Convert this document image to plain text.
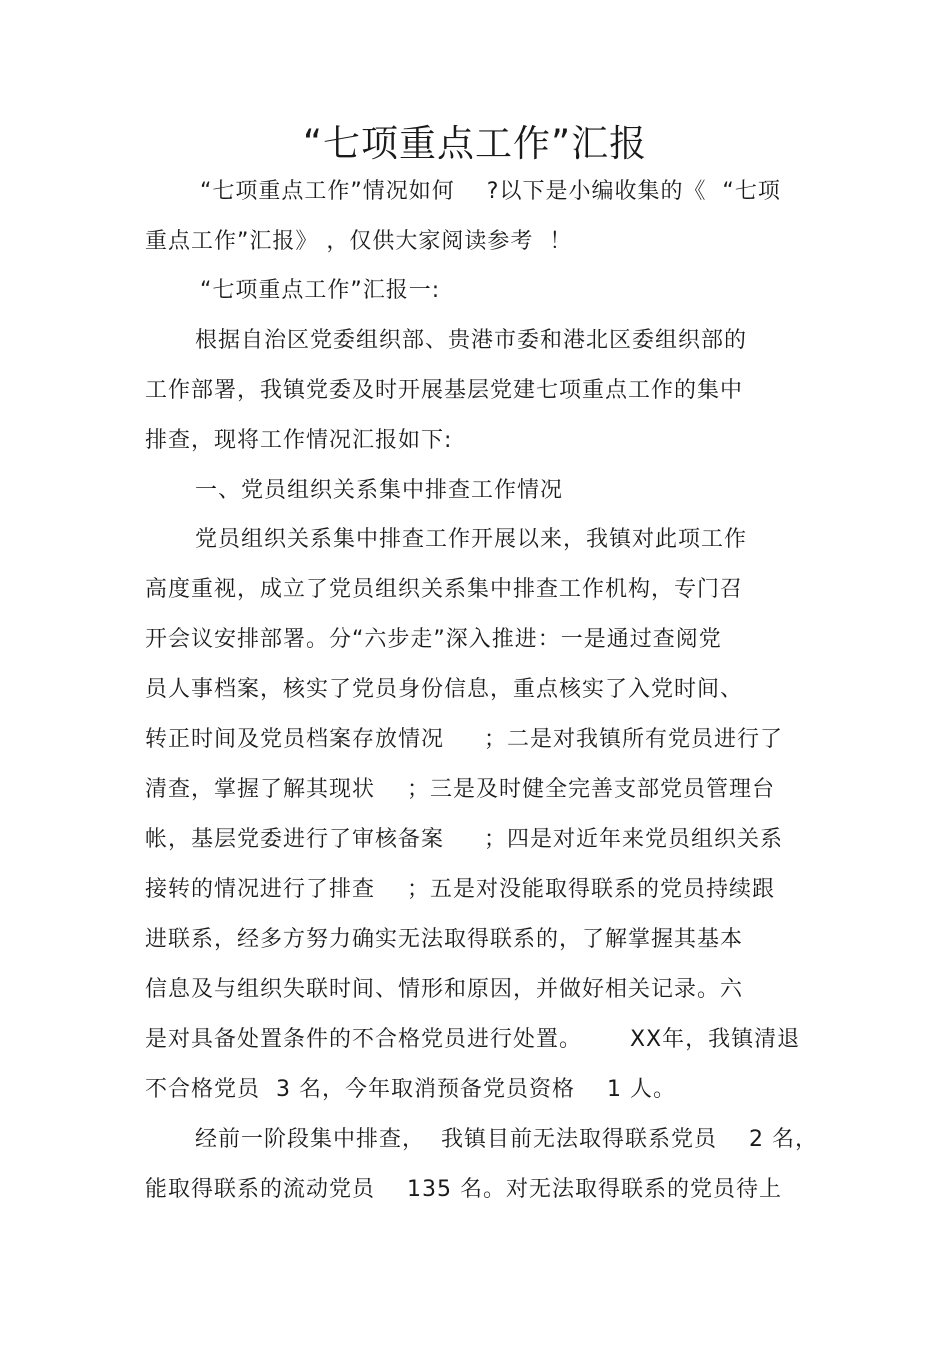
“七项重点工作”汇报
“七项重点工作”情况如何    ?以下是小编收集的《  “七项
重点工作”汇报》 ，仅供大家阅读参考  ！
“七项重点工作”汇报一:
根据自治区党委组织部、贵港市委和港北区委组织部的
工作部署，我镇党委及时开展基层党建七项重点工作的集中
排查，现将工作情况汇报如下:
一、党员组织关系集中排查工作情况
党员组织关系集中排查工作开展以来，我镇对此项工作
高度重视，成立了党员组织关系集中排查工作机构，专门召
开会议安排部署。分“六步走”深入推进：一是通过查阅党
员人事档案，核实了党员身份信息，重点核实了入党时间、
转正时间及党员档案存放情况     ；二是对我镇所有党员进行了
清查，掌握了解其现状    ；三是及时健全完善支部党员管理台
帐，基层党委进行了审核备案     ；四是对近年来党员组织关系
接转的情况进行了排查    ；五是对没能取得联系的党员持续跟
进联系，经多方努力确实无法取得联系的，了解掌握其基本
信息及与组织失联时间、情形和原因，并做好相关记录。六
是对具备处置条件的不合格党员进行处置。      XX年，我镇清退
不合格党员  3 名，今年取消预备党员资格    1 人。
经前一阶段集中排查，  我镇目前无法取得联系党员    2 名，
能取得联系的流动党员    135 名。对无法取得联系的党员待上
